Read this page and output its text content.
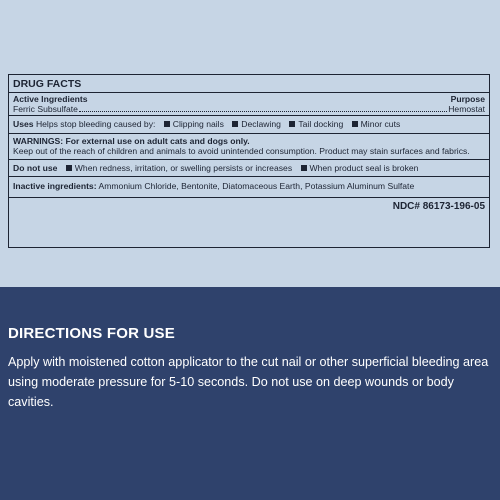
DRUG FACTS
Active Ingredients	Purpose
Ferric Subsulfate	Hemostat
Uses Helps stop bleeding caused by: Clipping nails Declawing Tail docking Minor cuts
WARNINGS: For external use on adult cats and dogs only.
Keep out of the reach of children and animals to avoid unintended consumption. Product may stain surfaces and fabrics.
Do not use When redness, irritation, or swelling persists or increases When product seal is broken
Inactive ingredients: Ammonium Chloride, Bentonite, Diatomaceous Earth, Potassium Aluminum Sulfate
NDC# 86173-196-05
DIRECTIONS FOR USE
Apply with moistened cotton applicator to the cut nail or other superficial bleeding area using moderate pressure for 5-10 seconds. Do not use on deep wounds or body cavities.
